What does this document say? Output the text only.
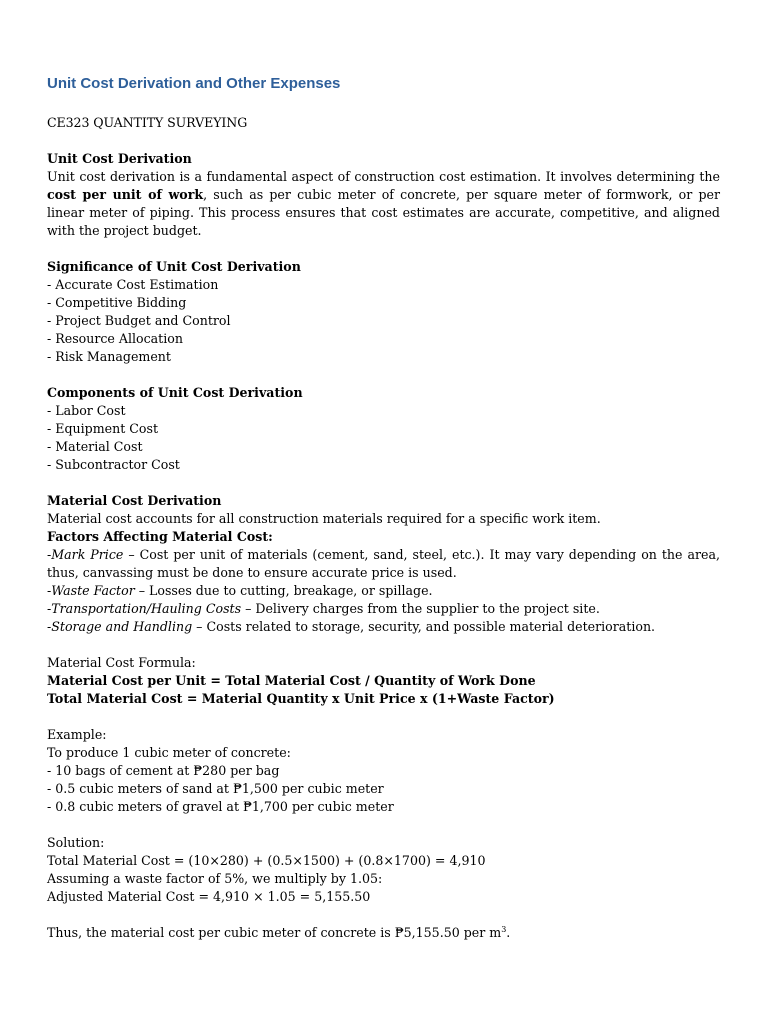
Unit Cost Derivation and Other Expenses
CE323 QUANTITY SURVEYING
Unit Cost Derivation
Unit cost derivation is a fundamental aspect of construction cost estimation. It involves determining the cost per unit of work, such as per cubic meter of concrete, per square meter of formwork, or per linear meter of piping. This process ensures that cost estimates are accurate, competitive, and aligned with the project budget.
Significance of Unit Cost Derivation
- Accurate Cost Estimation
- Competitive Bidding
- Project Budget and Control
- Resource Allocation
- Risk Management
Components of Unit Cost Derivation
- Labor Cost
- Equipment Cost
- Material Cost
- Subcontractor Cost
Material Cost Derivation
Material cost accounts for all construction materials required for a specific work item.
Factors Affecting Material Cost:
-Mark Price – Cost per unit of materials (cement, sand, steel, etc.). It may vary depending on the area, thus, canvassing must be done to ensure accurate price is used.
-Waste Factor – Losses due to cutting, breakage, or spillage.
-Transportation/Hauling Costs – Delivery charges from the supplier to the project site.
-Storage and Handling – Costs related to storage, security, and possible material deterioration.
Material Cost Formula:
Material Cost per Unit = Total Material Cost / Quantity of Work Done
Total Material Cost = Material Quantity x Unit Price x (1+Waste Factor)
Example:
To produce 1 cubic meter of concrete:
- 10 bags of cement at ₱280 per bag
- 0.5 cubic meters of sand at ₱1,500 per cubic meter
- 0.8 cubic meters of gravel at ₱1,700 per cubic meter
Solution:
Total Material Cost = (10×280) + (0.5×1500) + (0.8×1700) = 4,910
Assuming a waste factor of 5%, we multiply by 1.05:
Adjusted Material Cost = 4,910 × 1.05 = 5,155.50
Thus, the material cost per cubic meter of concrete is ₱5,155.50 per $m^3$.
